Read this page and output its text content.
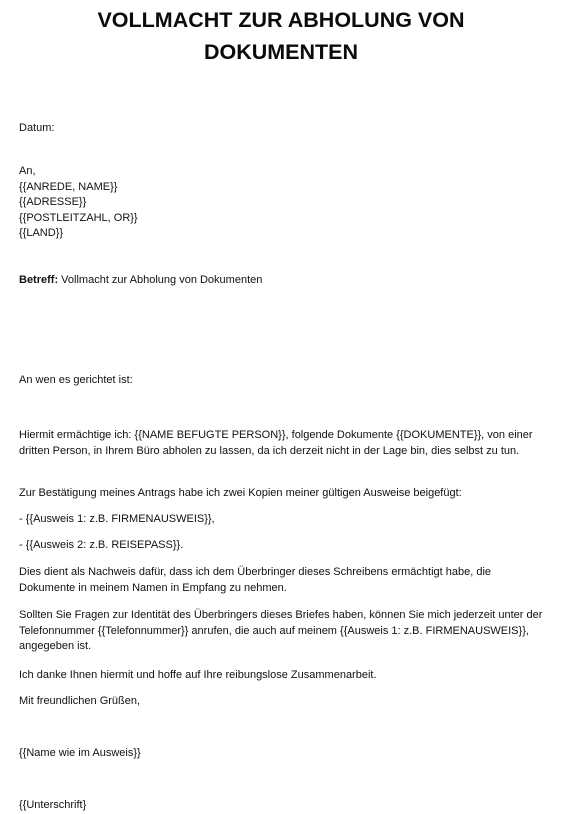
VOLLMACHT ZUR ABHOLUNG VON
DOKUMENTEN

Datum:

An,
{{ANREDE, NAME}}
{{ADRESSE}}
{{POSTLEITZAHL, OR}}
{{LAND}}

Betreff: Vollmacht zur Abholung von Dokumenten

An wen es gerichtet ist:

Hiermit ermächtige ich: {{NAME BEFUGTE PERSON}}, folgende Dokumente {{DOKUMENTE}}, von einer dritten Person, in Ihrem Büro abholen zu lassen, da ich derzeit nicht in der Lage bin, dies selbst zu tun.

Zur Bestätigung meines Antrags habe ich zwei Kopien meiner gültigen Ausweise beigefügt:

- {{Ausweis 1: z.B. FIRMENAUSWEIS}},

- {{Ausweis 2: z.B. REISEPASS}}.

Dies dient als Nachweis dafür, dass ich dem Überbringer dieses Schreibens ermächtigt habe, die Dokumente in meinem Namen in Empfang zu nehmen.

Sollten Sie Fragen zur Identität des Überbringers dieses Briefes haben, können Sie mich jederzeit unter der Telefonnummer {{Telefonnummer}} anrufen, die auch auf meinem {{Ausweis 1: z.B. FIRMENAUSWEIS}}, angegeben ist.

Ich danke Ihnen hiermit und hoffe auf Ihre reibungslose Zusammenarbeit.

Mit freundlichen Grüßen,

{{Name wie im Ausweis}}

{{Unterschrift}
